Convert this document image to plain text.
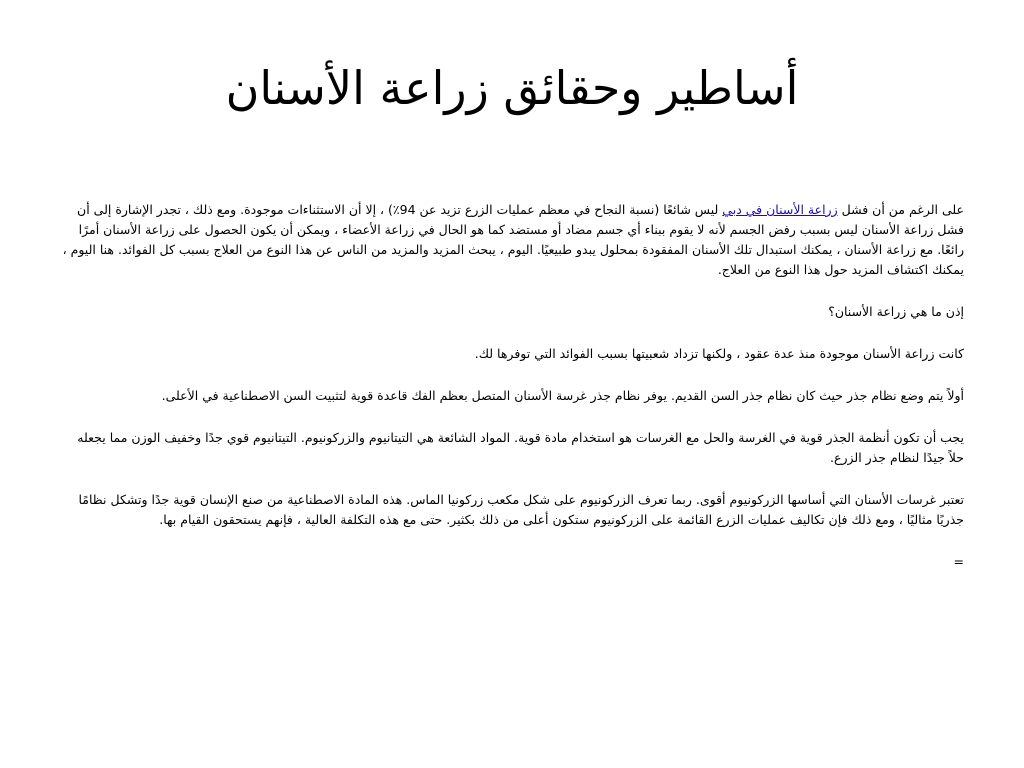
أساطير وحقائق زراعة الأسنان

على الرغم من أن فشل زراعة الأسنان في دبي ليس شائعًا (نسبة النجاح في معظم عمليات الزرع تزيد عن 94٪) ، إلا أن الاستثناءات موجودة. ومع ذلك ، تجدر الإشارة إلى أن فشل زراعة الأسنان ليس بسبب رفض الجسم لأنه لا يقوم ببناء أي جسم مضاد أو مستضد كما هو الحال في زراعة الأعضاء ، ويمكن أن يكون الحصول على زراعة الأسنان أمرًا رائعًا. مع زراعة الأسنان ، يمكنك استبدال تلك الأسنان المفقودة بمحلول يبدو طبيعيًا. اليوم ، يبحث المزيد والمزيد من الناس عن هذا النوع من العلاج بسبب كل الفوائد. هنا اليوم ، يمكنك اكتشاف المزيد حول هذا النوع من العلاج.

إذن ما هي زراعة الأسنان؟

كانت زراعة الأسنان موجودة منذ عدة عقود ، ولكنها تزداد شعبيتها بسبب الفوائد التي توفرها لك.

أولاً يتم وضع نظام جذر حيث كان نظام جذر السن القديم. يوفر نظام جذر غرسة الأسنان المتصل بعظم الفك قاعدة قوية لتثبيت السن الاصطناعية في الأعلى.

يجب أن تكون أنظمة الجذر قوية في الغرسة والحل مع الغرسات هو استخدام مادة قوية. المواد الشائعة هي التيتانيوم والزركونيوم. التيتانيوم قوي جدًا وخفيف الوزن مما يجعله حلاً جيدًا لنظام جذر الزرع.

تعتبر غرسات الأسنان التي أساسها الزركونيوم أقوى. ربما تعرف الزركونيوم على شكل مكعب زركونيا الماس. هذه المادة الاصطناعية من صنع الإنسان قوية جدًا وتشكل نظامًا جذريًا مثاليًا ، ومع ذلك فإن تكاليف عمليات الزرع القائمة على الزركونيوم ستكون أعلى من ذلك بكثير. حتى مع هذه التكلفة العالية ، فإنهم يستحقون القيام بها.

=
